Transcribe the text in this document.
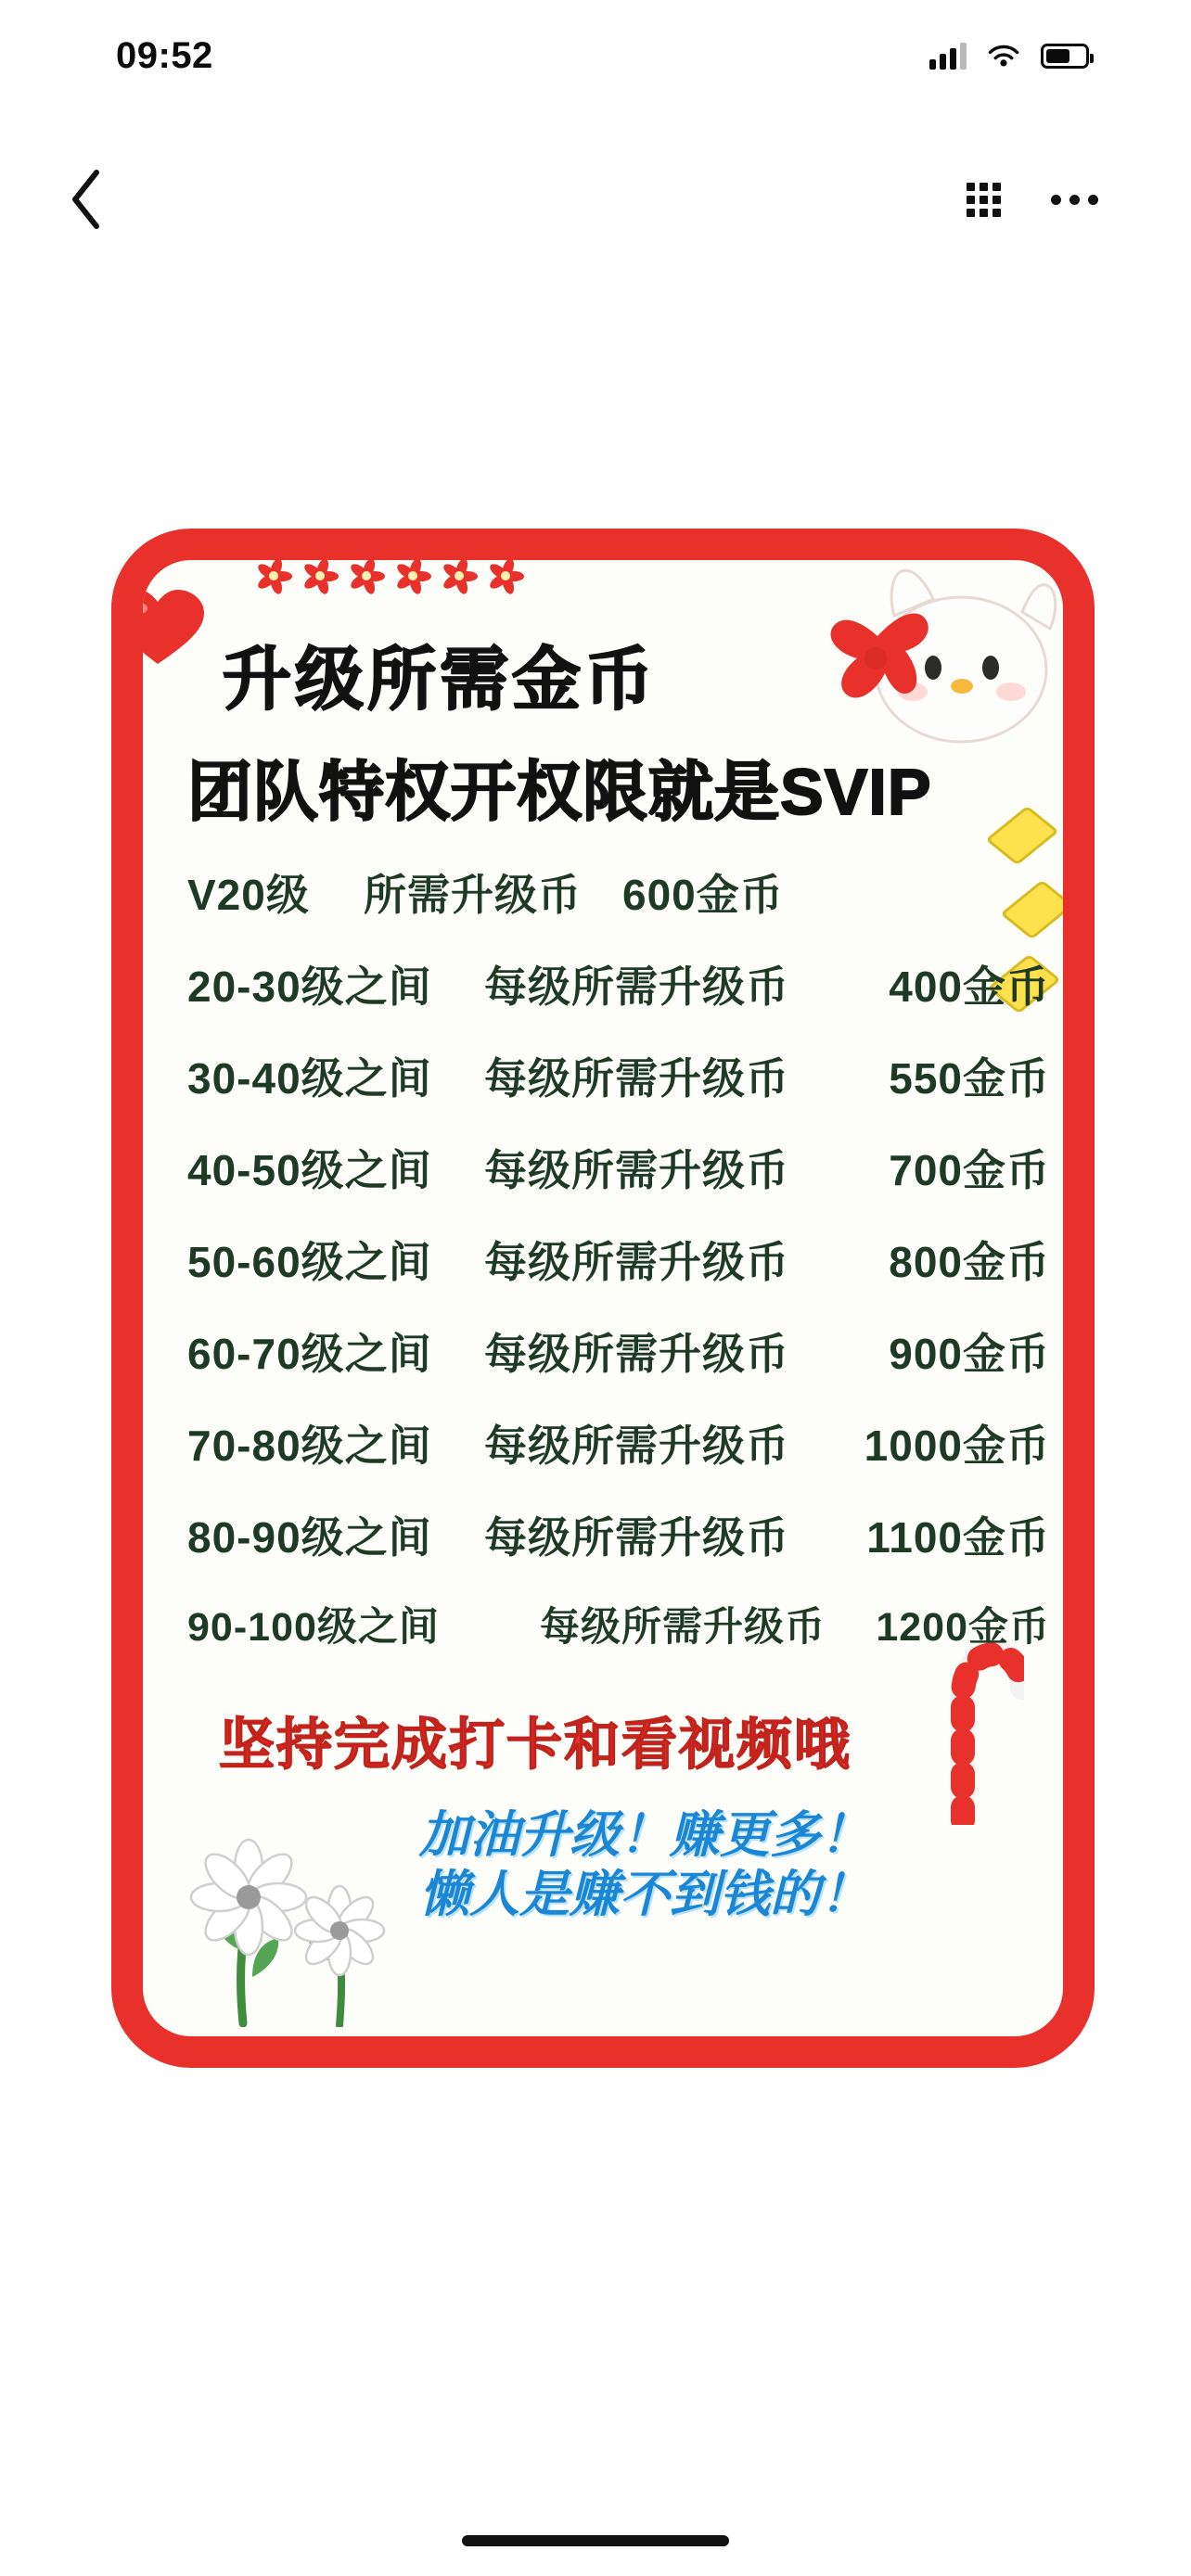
09:52
升级所需金币
团队特权开权限就是SVIP
V20级	所需升级币 600金币
20-30级之间	每级所需升级币	400金币
30-40级之间	每级所需升级币	550金币
40-50级之间	每级所需升级币	700金币
50-60级之间	每级所需升级币	800金币
60-70级之间	每级所需升级币	900金币
70-80级之间	每级所需升级币	1000金币
80-90级之间	每级所需升级币	1100金币
90-100级之间	每级所需升级币	1200金币
坚持完成打卡和看视频哦
加油升级！赚更多！
懒人是赚不到钱的！
